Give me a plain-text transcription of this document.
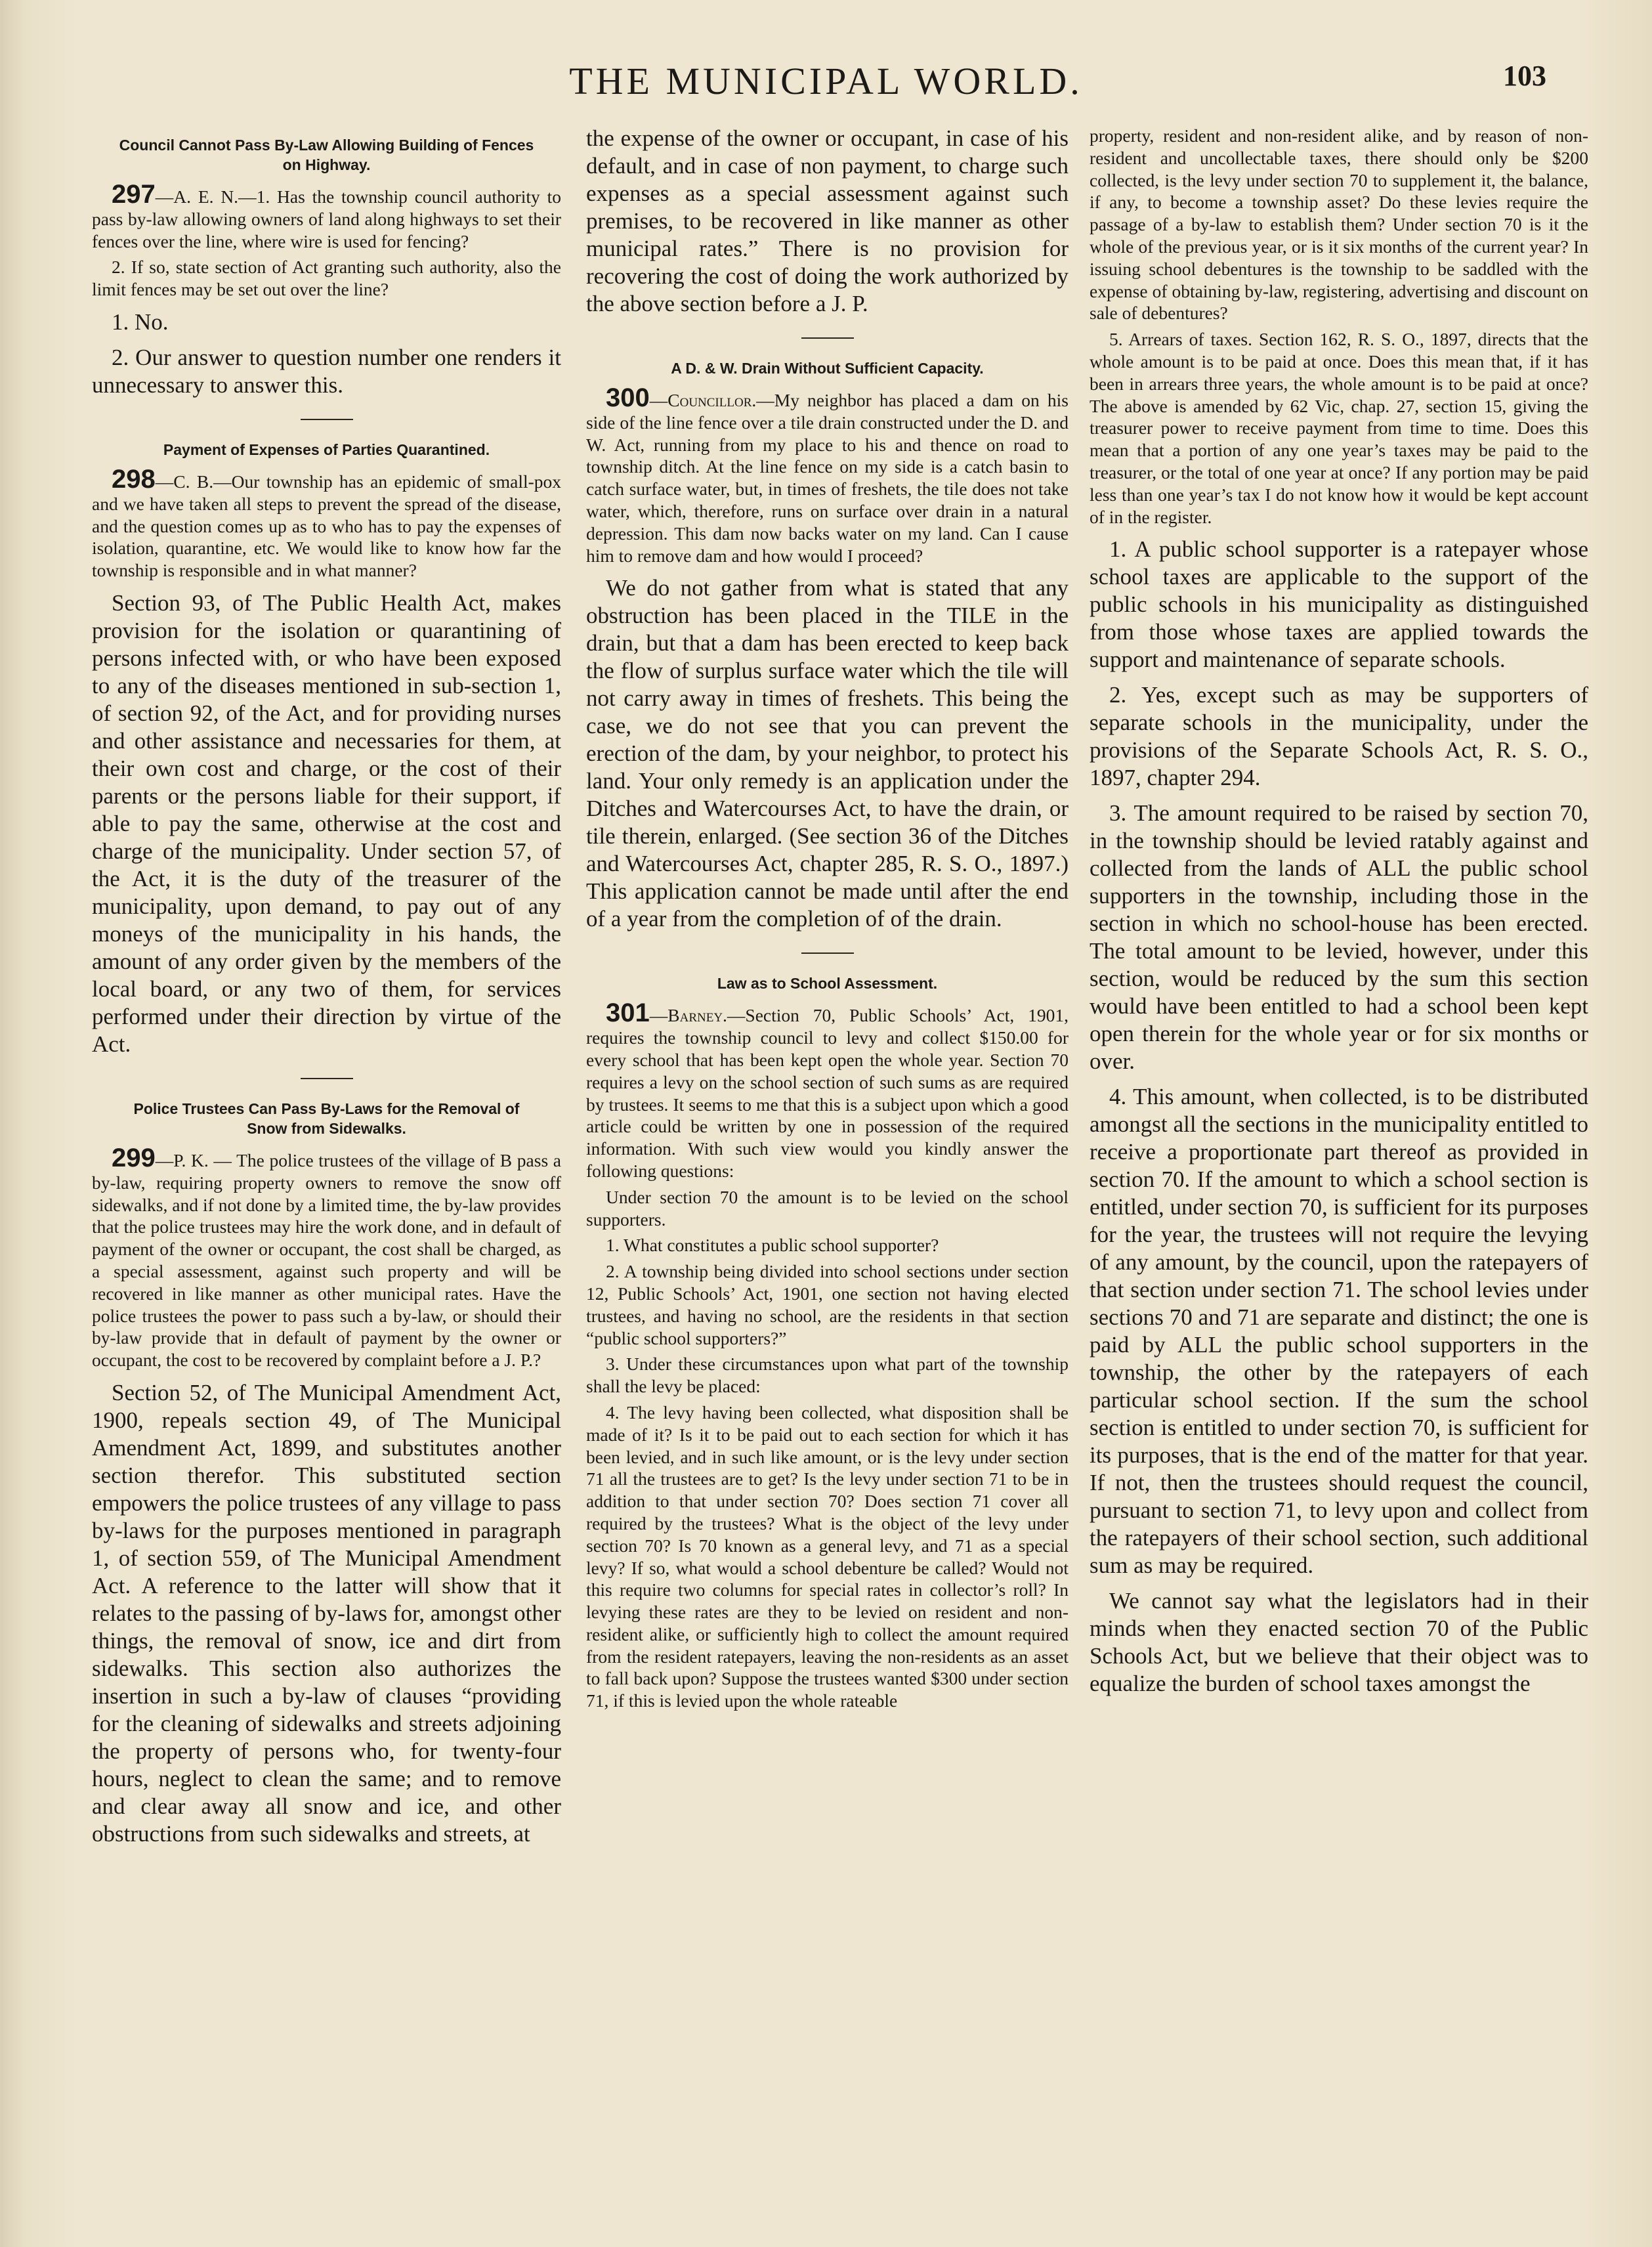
THE MUNICIPAL WORLD.	103
Council Cannot Pass By-Law Allowing Building of Fences on Highway.

297—A. E. N.—1. Has the township council authority to pass by-law allowing owners of land along highways to set their fences over the line, where wire is used for fencing?

2. If so, state section of Act granting such authority, also the limit fences may be set out over the line?

1. No.

2. Our answer to question number one renders it unnecessary to answer this.

Payment of Expenses of Parties Quarantined.

298—C. B.—Our township has an epidemic of small-pox and we have taken all steps to prevent the spread of the disease, and the question comes up as to who has to pay the expenses of isolation, quarantine, etc. We would like to know how far the township is responsible and in what manner?

Section 93, of The Public Health Act, makes provision for the isolation or quarantining of persons infected with, or who have been exposed to any of the diseases mentioned in sub-section 1, of section 92, of the Act, and for providing nurses and other assistance and necessaries for them, at their own cost and charge, or the cost of their parents or the persons liable for their support, if able to pay the same, otherwise at the cost and charge of the municipality. Under section 57, of the Act, it is the duty of the treasurer of the municipality, upon demand, to pay out of any moneys of the municipality in his hands, the amount of any order given by the members of the local board, or any two of them, for services performed under their direction by virtue of the Act.

Police Trustees Can Pass By-Laws for the Removal of Snow from Sidewalks.

299—P. K. — The police trustees of the village of B pass a by-law, requiring property owners to remove the snow off sidewalks, and if not done by a limited time, the by-law provides that the police trustees may hire the work done, and in default of payment of the owner or occupant, the cost shall be charged, as a special assessment, against such property and will be recovered in like manner as other municipal rates. Have the police trustees the power to pass such a by-law, or should their by-law provide that in default of payment by the owner or occupant, the cost to be recovered by complaint before a J. P.?

Section 52, of The Municipal Amendment Act, 1900, repeals section 49, of The Municipal Amendment Act, 1899, and substitutes another section therefor. This substituted section empowers the police trustees of any village to pass by-laws for the purposes mentioned in paragraph 1, of section 559, of The Municipal Amendment Act. A reference to the latter will show that it relates to the passing of by-laws for, amongst other things, the removal of snow, ice and dirt from sidewalks. This section also authorizes the insertion in such a by-law of clauses “providing for the cleaning of sidewalks and streets adjoining the property of persons who, for twenty-four hours, neglect to clean the same; and to remove and clear away all snow and ice, and other obstructions from such sidewalks and streets, at

the expense of the owner or occupant, in case of his default, and in case of non payment, to charge such expenses as a special assessment against such premises, to be recovered in like manner as other municipal rates.” There is no provision for recovering the cost of doing the work authorized by the above section before a J. P.

A D. & W. Drain Without Sufficient Capacity.

300—Councillor.—My neighbor has placed a dam on his side of the line fence over a tile drain constructed under the D. and W. Act, running from my place to his and thence on road to township ditch. At the line fence on my side is a catch basin to catch surface water, but, in times of freshets, the tile does not take water, which, therefore, runs on surface over drain in a natural depression. This dam now backs water on my land. Can I cause him to remove dam and how would I proceed?

We do not gather from what is stated that any obstruction has been placed in the TILE in the drain, but that a dam has been erected to keep back the flow of surplus surface water which the tile will not carry away in times of freshets. This being the case, we do not see that you can prevent the erection of the dam, by your neighbor, to protect his land. Your only remedy is an application under the Ditches and Watercourses Act, to have the drain, or tile therein, enlarged. (See section 36 of the Ditches and Watercourses Act, chapter 285, R. S. O., 1897.) This application cannot be made until after the end of a year from the completion of of the drain.

Law as to School Assessment.

301—Barney.—Section 70, Public Schools’ Act, 1901, requires the township council to levy and collect $150.00 for every school that has been kept open the whole year. Section 70 requires a levy on the school section of such sums as are required by trustees. It seems to me that this is a subject upon which a good article could be written by one in possession of the required information. With such view would you kindly answer the following questions:

Under section 70 the amount is to be levied on the school supporters.

1. What constitutes a public school supporter?

2. A township being divided into school sections under section 12, Public Schools’ Act, 1901, one section not having elected trustees, and having no school, are the residents in that section “public school supporters?”

3. Under these circumstances upon what part of the township shall the levy be placed:

4. The levy having been collected, what disposition shall be made of it? Is it to be paid out to each section for which it has been levied, and in such like amount, or is the levy under section 71 all the trustees are to get? Is the levy under section 71 to be in addition to that under section 70? Does section 71 cover all required by the trustees? What is the object of the levy under section 70? Is 70 known as a general levy, and 71 as a special levy? If so, what would a school debenture be called? Would not this require two columns for special rates in collector’s roll? In levying these rates are they to be levied on resident and non-resident alike, or sufficiently high to collect the amount required from the resident ratepayers, leaving the non-residents as an asset to fall back upon? Suppose the trustees wanted $300 under section 71, if this is levied upon the whole rateable

property, resident and non-resident alike, and by reason of non-resident and uncollectable taxes, there should only be $200 collected, is the levy under section 70 to supplement it, the balance, if any, to become a township asset? Do these levies require the passage of a by-law to establish them? Under section 70 is it the whole of the previous year, or is it six months of the current year? In issuing school debentures is the township to be saddled with the expense of obtaining by-law, registering, advertising and discount on sale of debentures?

5. Arrears of taxes. Section 162, R. S. O., 1897, directs that the whole amount is to be paid at once. Does this mean that, if it has been in arrears three years, the whole amount is to be paid at once? The above is amended by 62 Vic, chap. 27, section 15, giving the treasurer power to receive payment from time to time. Does this mean that a portion of any one year’s taxes may be paid to the treasurer, or the total of one year at once? If any portion may be paid less than one year’s tax I do not know how it would be kept account of in the register.

1. A public school supporter is a ratepayer whose school taxes are applicable to the support of the public schools in his municipality as distinguished from those whose taxes are applied towards the support and maintenance of separate schools.

2. Yes, except such as may be supporters of separate schools in the municipality, under the provisions of the Separate Schools Act, R. S. O., 1897, chapter 294.

3. The amount required to be raised by section 70, in the township should be levied ratably against and collected from the lands of ALL the public school supporters in the township, including those in the section in which no school-house has been erected. The total amount to be levied, however, under this section, would be reduced by the sum this section would have been entitled to had a school been kept open therein for the whole year or for six months or over.

4. This amount, when collected, is to be distributed amongst all the sections in the municipality entitled to receive a proportionate part thereof as provided in section 70. If the amount to which a school section is entitled, under section 70, is sufficient for its purposes for the year, the trustees will not require the levying of any amount, by the council, upon the ratepayers of that section under section 71. The school levies under sections 70 and 71 are separate and distinct; the one is paid by ALL the public school supporters in the township, the other by the ratepayers of each particular school section. If the sum the school section is entitled to under section 70, is sufficient for its purposes, that is the end of the matter for that year. If not, then the trustees should request the council, pursuant to section 71, to levy upon and collect from the ratepayers of their school section, such additional sum as may be required.

We cannot say what the legislators had in their minds when they enacted section 70 of the Public Schools Act, but we believe that their object was to equalize the burden of school taxes amongst the
